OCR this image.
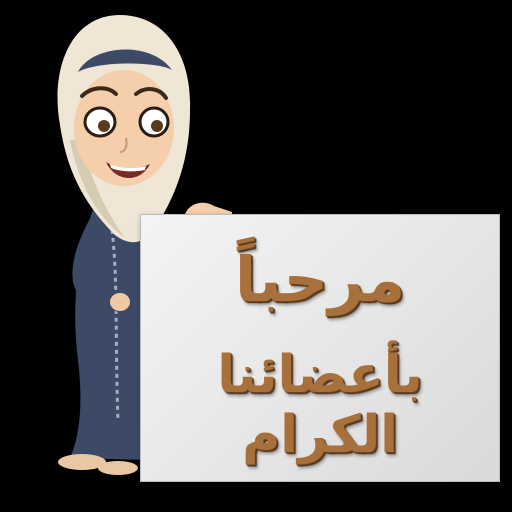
مرحباً
بأعضائنا الكرام
